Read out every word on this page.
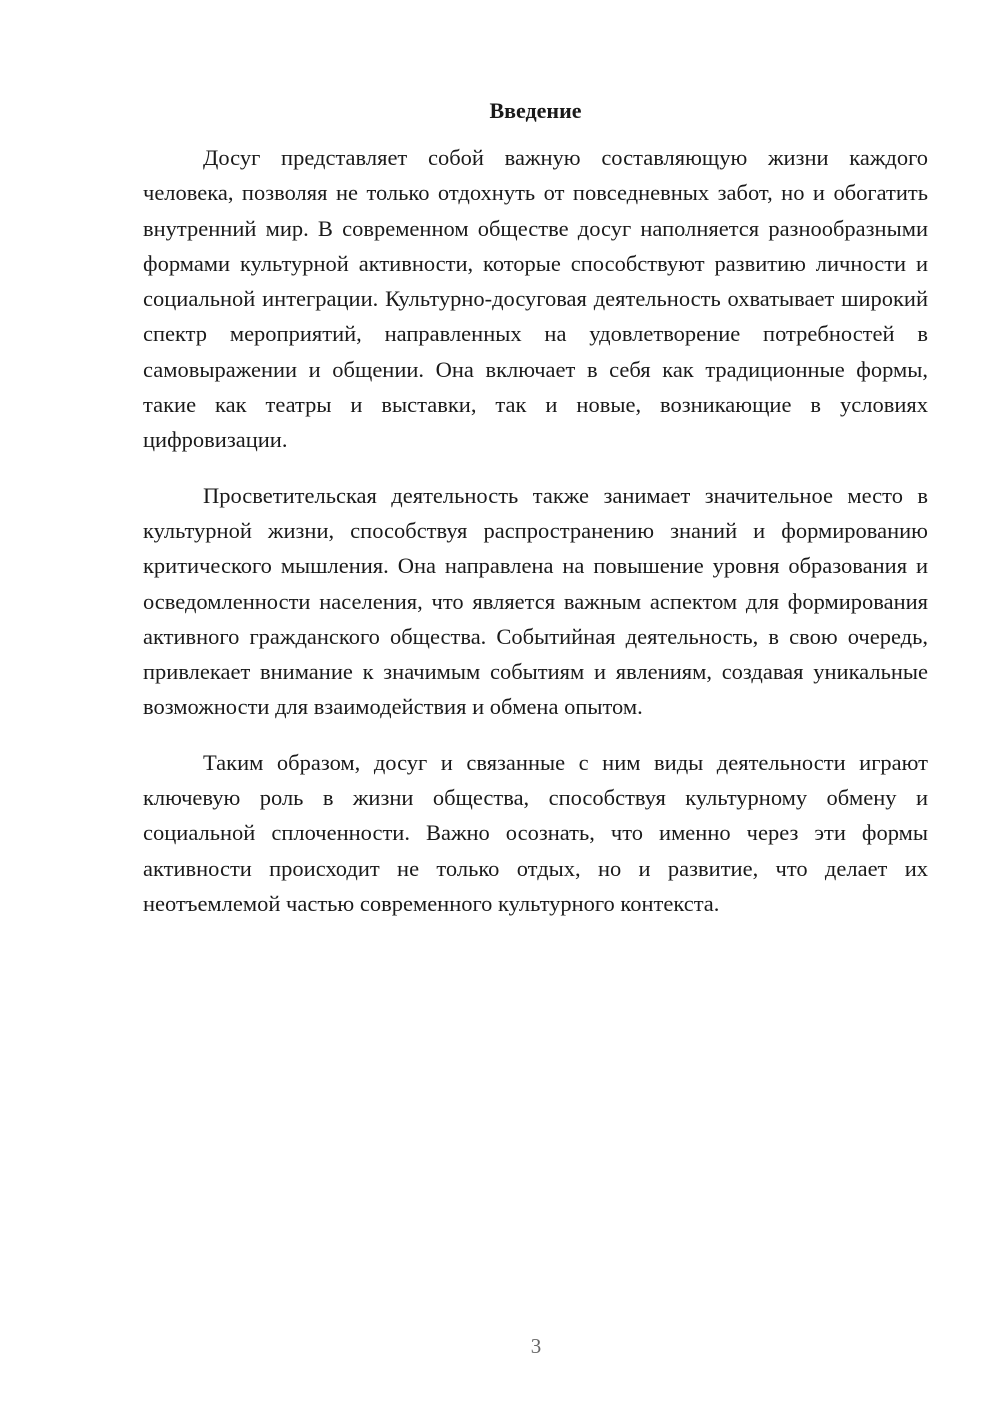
Введение

Досуг представляет собой важную составляющую жизни каждого человека, позволяя не только отдохнуть от повседневных забот, но и обогатить внутренний мир. В современном обществе досуг наполняется разнообразными формами культурной активности, которые способствуют развитию личности и социальной интеграции. Культурно-досуговая деятельность охватывает широкий спектр мероприятий, направленных на удовлетворение потребностей в самовыражении и общении. Она включает в себя как традиционные формы, такие как театры и выставки, так и новые, возникающие в условиях цифровизации.

Просветительская деятельность также занимает значительное место в культурной жизни, способствуя распространению знаний и формированию критического мышления. Она направлена на повышение уровня образования и осведомленности населения, что является важным аспектом для формирования активного гражданского общества. Событийная деятельность, в свою очередь, привлекает внимание к значимым событиям и явлениям, создавая уникальные возможности для взаимодействия и обмена опытом.

Таким образом, досуг и связанные с ним виды деятельности играют ключевую роль в жизни общества, способствуя культурному обмену и социальной сплоченности. Важно осознать, что именно через эти формы активности происходит не только отдых, но и развитие, что делает их неотъемлемой частью современного культурного контекста.

3
